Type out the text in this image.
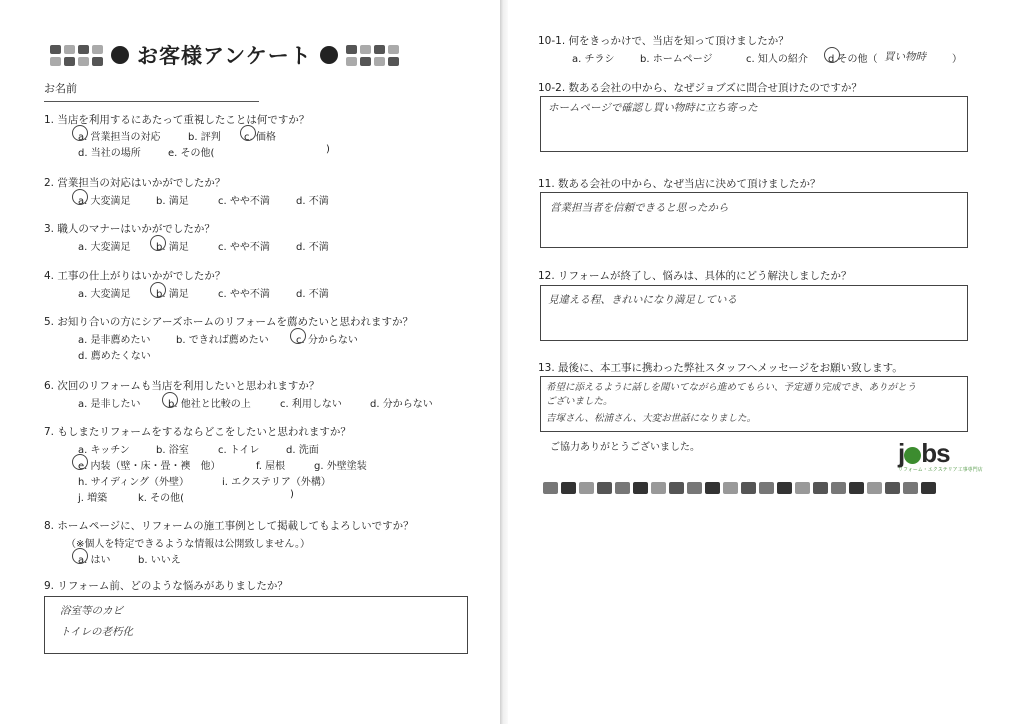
お客様アンケート
お名前
1. 当店を利用するにあたって重視したことは何ですか？
a. 営業担当の対応	b. 評判 c. 価格
d. 当社の場所	e. その他(	)
2. 営業担当の対応はいかがでしたか？
a. 大変満足	b. 満足	c. やや不満	d. 不満
3. 職人のマナーはいかがでしたか？
a. 大変満足	b. 満足	c. やや不満	d. 不満
4. 工事の仕上がりはいかがでしたか？
a. 大変満足	b. 満足	c. やや不満	d. 不満
5. お知り合いの方にシアーズホームのリフォームを薦めたいと思われますか？
a. 是非薦めたい	b. できれば薦めたい	c. 分からない
d. 薦めたくない
6. 次回のリフォームも当店を利用したいと思われますか？
a. 是非したい	b. 他社と比較の上	c. 利用しない	d. 分からない
7. もしまたリフォームをするならどこをしたいと思われますか？
a. キッチン	b. 浴室	c. トイレ	d. 洗面
e. 内装（壁・床・畳・襖　他）	f. 屋根	g. 外壁塗装
h. サイディング（外壁）	i. エクステリア（外構）
j. 増築	k. その他(	)
8. ホームページに、リフォームの施工事例として掲載してもよろしいですか？
（※個人を特定できるような情報は公開致しません。）
a. はい	b. いいえ
9. リフォーム前、どのような悩みがありましたか？
浴室等のカビ
トイレの老朽化
10-1. 何をきっかけで、当店を知って頂けましたか？
a. チラシ	b. ホームページ	c. 知人の紹介 d.その他（ 買い物時	）
10-2. 数ある会社の中から、なぜジョブズに問合せ頂けたのですか？
ホームページで確認し買い物時に立ち寄った
11. 数ある会社の中から、なぜ当店に決めて頂けましたか？
営業担当者を信頼できると思ったから
12. リフォームが終了し、悩みは、具体的にどう解決しましたか？
見違える程、きれいになり満足している
13. 最後に、本工事に携わった弊社スタッフへメッセージをお願い致します。
希望に添えるように話しを聞いてながら進めてもらい、予定通り完成でき、ありがとう
ございました。
吉塚さん、松浦さん、大変お世話になりました。
ご協力ありがとうございました。	j bs
リフォーム・エクステリア工事専門店
